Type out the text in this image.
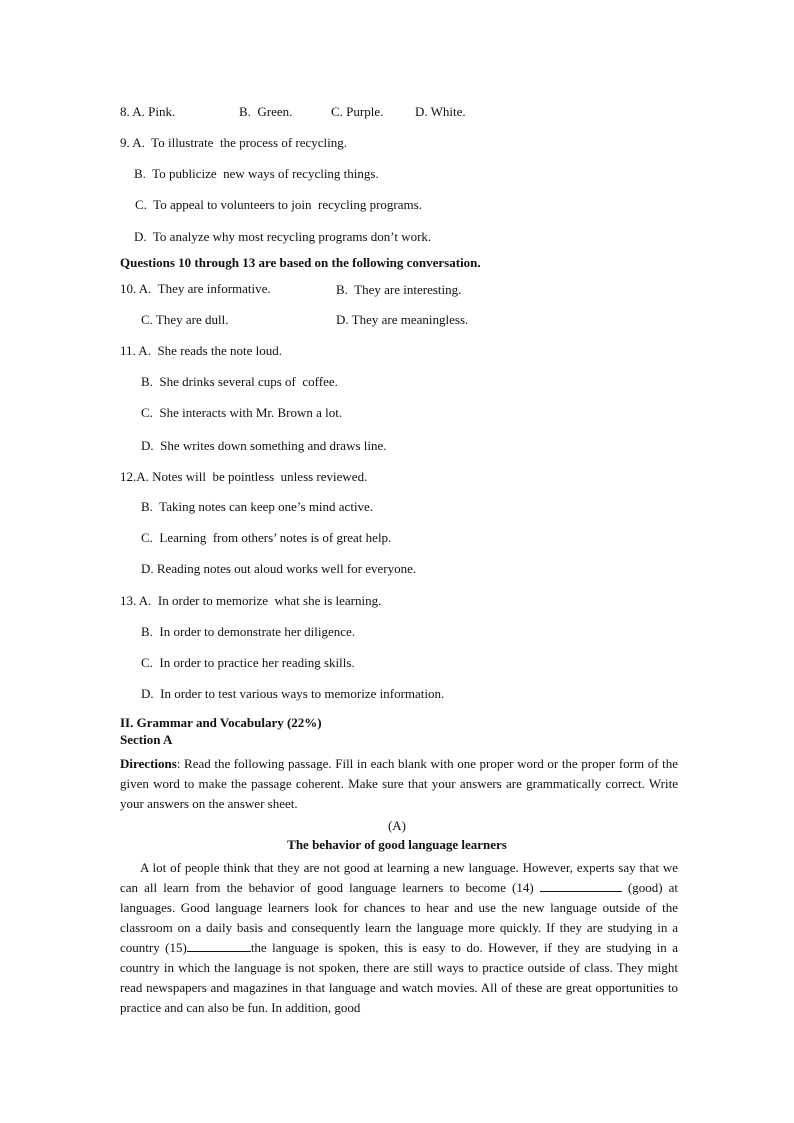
8. A. Pink.	B.  Green.	C. Purple. D. White.
9. A.  To illustrate  the process of recycling.
B.  To publicize  new ways of recycling things.
C.  To appeal to volunteers to join  recycling programs.
D.  To analyze why most recycling programs don’t work.
Questions 10 through 13 are based on the following conversation.
10. A.  They are informative.	B.  They are interesting.
C. They are dull.	D. They are meaningless.
11. A.  She reads the note loud.
B.  She drinks several cups of  coffee.
C.  She interacts with Mr. Brown a lot.
D.  She writes down something and draws line.
12.A. Notes will  be pointless  unless reviewed.
B.  Taking notes can keep one’s mind active.
C.  Learning  from others’ notes is of great help.
D. Reading notes out aloud works well for everyone.
13. A.  In order to memorize  what she is learning.
B.  In order to demonstrate her diligence.
C.  In order to practice her reading skills.
D.  In order to test various ways to memorize information.
II. Grammar and Vocabulary (22%)
Section A
Directions: Read the following passage. Fill in each blank with one proper word or the proper form of the given word to make the passage coherent. Make sure that your answers are grammatically correct. Write your answers on the answer sheet.
(A)
The behavior of good language learners
A lot of people think that they are not good at learning a new language. However, experts say that we can all learn from the behavior of good language learners to become (14)	(good) at languages. Good language learners look for chances to hear and use the new language outside of the classroom on a daily basis and consequently learn the language more quickly. If they are studying in a country (15)	the language is spoken, this is easy to do. However, if they are studying in a country in which the language is not spoken, there are still ways to practice outside of class. They might read newspapers and magazines in that language and watch movies. All of these are great opportunities to practice and can also be fun. In addition, good
